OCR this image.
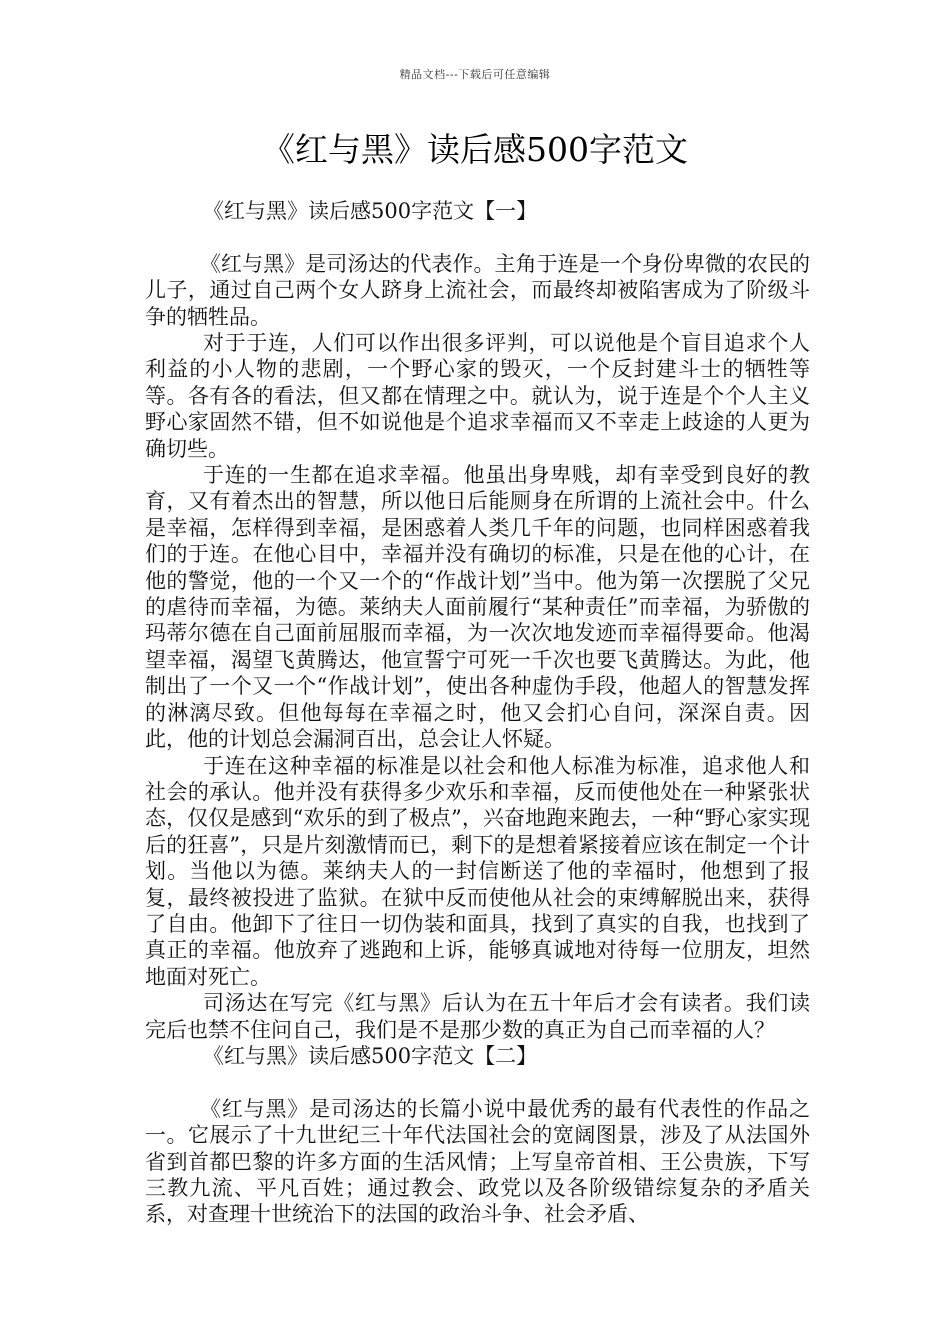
精品文档---下载后可任意编辑
《红与黑》读后感500字范文
《红与黑》读后感500字范文【一】

《红与黑》是司汤达的代表作。主角于连是一个身份卑微的农民的儿子，通过自己两个女人跻身上流社会，而最终却被陷害成为了阶级斗争的牺牲品。

对于于连，人们可以作出很多评判，可以说他是个盲目追求个人利益的小人物的悲剧，一个野心家的毁灭，一个反封建斗士的牺牲等等。各有各的看法，但又都在情理之中。就认为，说于连是个个人主义野心家固然不错，但不如说他是个追求幸福而又不幸走上歧途的人更为确切些。

于连的一生都在追求幸福。他虽出身卑贱，却有幸受到良好的教育，又有着杰出的智慧，所以他日后能厕身在所谓的上流社会中。什么是幸福，怎样得到幸福，是困惑着人类几千年的问题，也同样困惑着我们的于连。在他心目中，幸福并没有确切的标准，只是在他的心计，在他的警觉，他的一个又一个的“作战计划”当中。他为第一次摆脱了父兄的虐待而幸福，为德。莱纳夫人面前履行“某种责任”而幸福，为骄傲的玛蒂尔德在自己面前屈服而幸福，为一次次地发迹而幸福得要命。他渴望幸福，渴望飞黄腾达，他宣誓宁可死一千次也要飞黄腾达。为此，他制出了一个又一个“作战计划”，使出各种虚伪手段，他超人的智慧发挥的淋漓尽致。但他每每在幸福之时，他又会扪心自问，深深自责。因此，他的计划总会漏洞百出，总会让人怀疑。

于连在这种幸福的标准是以社会和他人标准为标准，追求他人和社会的承认。他并没有获得多少欢乐和幸福，反而使他处在一种紧张状态，仅仅是感到“欢乐的到了极点”，兴奋地跑来跑去，一种“野心家实现后的狂喜”，只是片刻激情而已，剩下的是想着紧接着应该在制定一个计划。当他以为德。莱纳夫人的一封信断送了他的幸福时，他想到了报复，最终被投进了监狱。在狱中反而使他从社会的束缚解脱出来，获得了自由。他卸下了往日一切伪装和面具，找到了真实的自我，也找到了真正的幸福。他放弃了逃跑和上诉，能够真诚地对待每一位朋友，坦然地面对死亡。

司汤达在写完《红与黑》后认为在五十年后才会有读者。我们读完后也禁不住问自己，我们是不是那少数的真正为自己而幸福的人？

《红与黑》读后感500字范文【二】

《红与黑》是司汤达的长篇小说中最优秀的最有代表性的作品之一。它展示了十九世纪三十年代法国社会的宽阔图景，涉及了从法国外省到首都巴黎的许多方面的生活风情；上写皇帝首相、王公贵族，下写三教九流、平凡百姓；通过教会、政党以及各阶级错综复杂的矛盾关系，对查理十世统治下的法国的政治斗争、社会矛盾、
